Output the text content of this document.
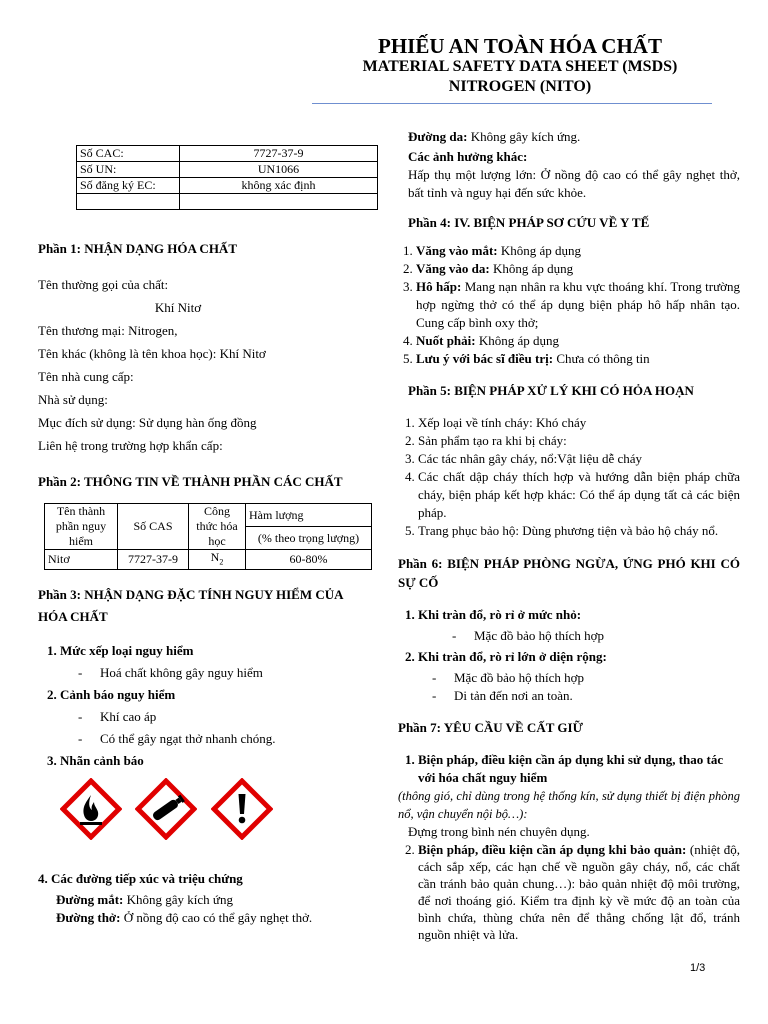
PHIẾU AN TOÀN HÓA CHẤT
MATERIAL SAFETY DATA SHEET (MSDS)
NITROGEN (NITO)
Số CAC:	7727-37-9
Số UN:	UN1066
Số đăng ký EC:	không xác định

Phần 1: NHẬN DẠNG HÓA CHẤT

Tên thường gọi của chất:

Khí Nitơ

Tên thương mại: Nitrogen,

Tên khác (không là tên khoa học): Khí Nitơ

Tên nhà cung cấp:

Nhà sử dụng:

Mục đích sử dụng: Sử dụng hàn ống đồng

Liên hệ trong trường hợp khẩn cấp:

Phần 2: THÔNG TIN VỀ THÀNH PHẦN CÁC CHẤT

Tên thành phần nguy hiểm	Số CAS	Công thức hóa học	Hàm lượng
			(% theo trọng lượng)
Nitơ	7727-37-9	$N_2$	60-80%

Phần 3: NHẬN DẠNG ĐẶC TÍNH NGUY HIỂM CỦA HÓA CHẤT

1. Mức xếp loại nguy hiểm
- Hoá chất không gây nguy hiểm
2. Cảnh báo nguy hiểm
- Khí cao áp
- Có thể gây ngạt thở nhanh chóng.
3. Nhãn cảnh báo

4. Các đường tiếp xúc và triệu chứng

Đường mắt: Không gây kích ứng

Đường thở: Ở nồng độ cao có thể gây nghẹt thở.

Đường da: Không gây kích ứng.

Các ảnh hưởng khác:

Hấp thụ một lượng lớn: Ở nồng độ cao có thể gây nghẹt thở, bất tỉnh và nguy hại đến sức khỏe.

Phần 4: IV. BIỆN PHÁP SƠ CỨU VỀ Y TẾ

1. Văng vào mắt: Không áp dụng
2. Văng vào da: Không áp dụng
3. Hô hấp: Mang nạn nhân ra khu vực thoáng khí. Trong trường hợp ngừng thở có thể áp dụng biện pháp hô hấp nhân tạo. Cung cấp bình oxy thở;
4. Nuốt phải: Không áp dụng
5. Lưu ý với bác sĩ điều trị: Chưa có thông tin

Phần 5: BIỆN PHÁP XỬ LÝ KHI CÓ HỎA HOẠN

1. Xếp loại về tính cháy: Khó cháy
2. Sản phẩm tạo ra khi bị cháy:
3. Các tác nhân gây cháy, nổ:Vật liệu dễ cháy
4. Các chất dập cháy thích hợp và hướng dẫn biện pháp chữa cháy, biện pháp kết hợp khác: Có thể áp dụng tất cả các biện pháp.
5. Trang phục bảo hộ: Dùng phương tiện và bảo hộ cháy nổ.

Phần 6: BIỆN PHÁP PHÒNG NGỪA, ỨNG PHÓ KHI CÓ SỰ CỐ

1. Khi tràn đổ, rò rỉ ở mức nhỏ:
- Mặc đồ bảo hộ thích hợp
2. Khi tràn đổ, rò rỉ lớn ở diện rộng:
- Mặc đồ bảo hộ thích hợp
- Di tản đến nơi an toàn.

Phần 7: YÊU CẦU VỀ CẤT GIỮ

1. Biện pháp, điều kiện cần áp dụng khi sử dụng, thao tác với hóa chất nguy hiểm

(thông gió, chỉ dùng trong hệ thống kín, sử dụng thiết bị điện phòng nổ, vận chuyển nội bộ…):

Đựng trong bình nén chuyên dụng.

2. Biện pháp, điều kiện cần áp dụng khi bảo quản: (nhiệt độ, cách sắp xếp, các hạn chế về nguồn gây cháy, nổ, các chất cần tránh bảo quản chung…): bảo quản nhiệt độ môi trường, để nơi thoáng gió. Kiểm tra định kỳ về mức độ an toàn của bình chứa, thùng chứa nên để thẳng chống lật đổ, tránh nguồn nhiệt và lửa.
1/3
